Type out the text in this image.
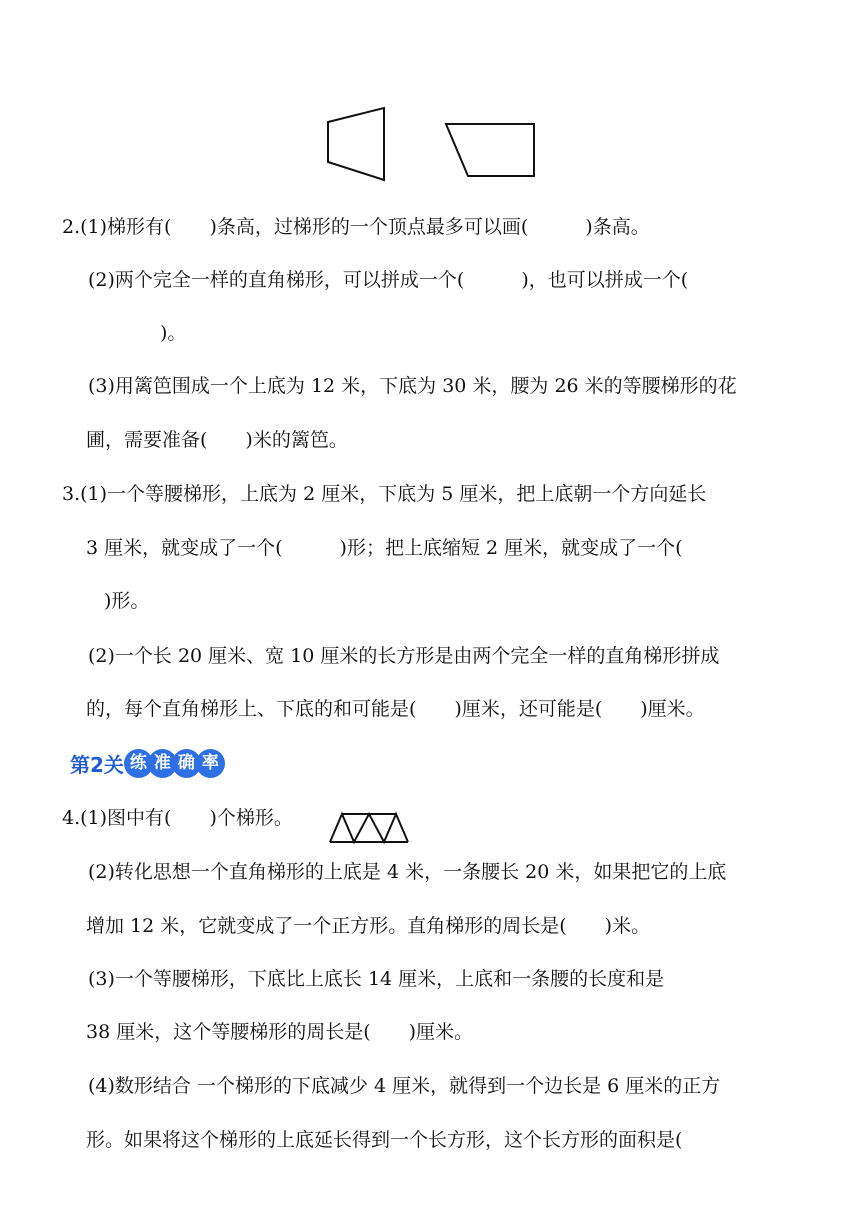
2.(1)梯形有(　　)条高，过梯形的一个顶点最多可以画(　　　)条高。
(2)两个完全一样的直角梯形，可以拼成一个(　　　)，也可以拼成一个(
)。
(3)用篱笆围成一个上底为 12 米，下底为 30 米，腰为 26 米的等腰梯形的花
圃，需要准备(　　)米的篱笆。
3.(1)一个等腰梯形，上底为 2 厘米，下底为 5 厘米，把上底朝一个方向延长
3 厘米，就变成了一个(　　　)形；把上底缩短 2 厘米，就变成了一个(
)形。
(2)一个长 20 厘米、宽 10 厘米的长方形是由两个完全一样的直角梯形拼成
的，每个直角梯形上、下底的和可能是(　　)厘米，还可能是(　　)厘米。
第2关 练 准 确 率
4.(1)图中有(　　)个梯形。
(2)转化思想一个直角梯形的上底是 4 米，一条腰长 20 米，如果把它的上底
增加 12 米，它就变成了一个正方形。直角梯形的周长是(　　)米。
(3)一个等腰梯形，下底比上底长 14 厘米，上底和一条腰的长度和是
38 厘米，这个等腰梯形的周长是(　　)厘米。
(4)数形结合 一个梯形的下底减少 4 厘米，就得到一个边长是 6 厘米的正方
形。如果将这个梯形的上底延长得到一个长方形，这个长方形的面积是(
